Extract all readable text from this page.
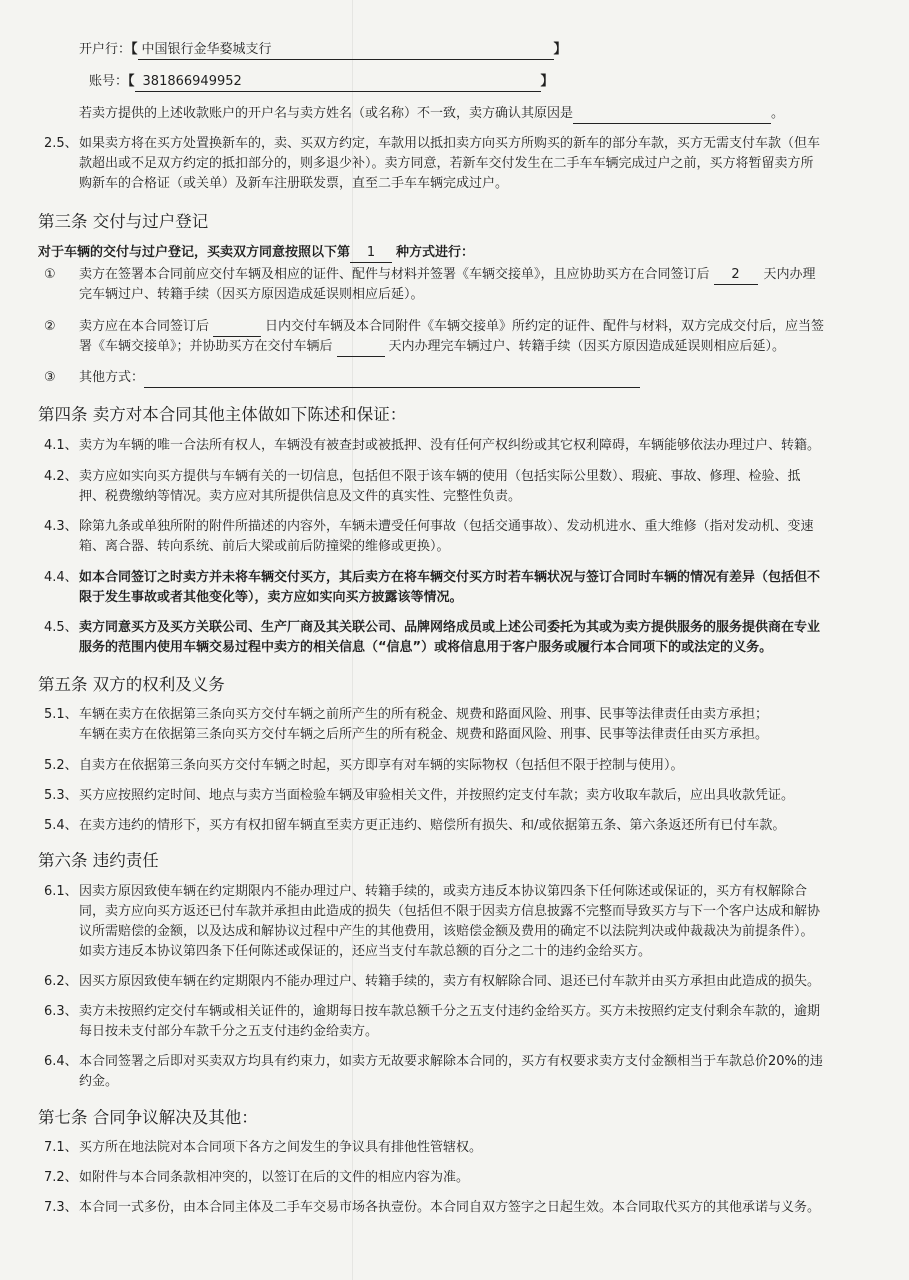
开户行：【 中国银行金华婺城支行	】
账号：【 381866949952	】
若卖方提供的上述收款账户的开户名与卖方姓名（或名称）不一致，卖方确认其原因是	。
2.5、 如果卖方将在买方处置换新车的，卖、买双方约定，车款用以抵扣卖方向买方所购买的新车的部分车款，买方无需支付车款（但车
款超出或不足双方约定的抵扣部分的，则多退少补）。卖方同意，若新车交付发生在二手车车辆完成过户之前，买方将暂留卖方所
购新车的合格证（或关单）及新车注册联发票，直至二手车车辆完成过户。
第三条 交付与过户登记
对于车辆的交付与过户登记，买卖双方同意按照以下第 1 种方式进行：
① 卖方在签署本合同前应交付车辆及相应的证件、配件与材料并签署《车辆交接单》，且应协助买方在合同签订后 2 天内办理
完车辆过户、转籍手续（因买方原因造成延误则相应后延）。
② 卖方应在本合同签订后	日内交付车辆及本合同附件《车辆交接单》所约定的证件、配件与材料，双方完成交付后，应当签
署《车辆交接单》；并协助买方在交付车辆后	天内办理完车辆过户、转籍手续（因买方原因造成延误则相应后延）。
③ 其他方式：
第四条 卖方对本合同其他主体做如下陈述和保证：
4.1、 卖方为车辆的唯一合法所有权人，车辆没有被查封或被抵押、没有任何产权纠纷或其它权利障碍，车辆能够依法办理过户、转籍。
4.2、 卖方应如实向买方提供与车辆有关的一切信息，包括但不限于该车辆的使用（包括实际公里数）、瑕疵、事故、修理、检验、抵
押、税费缴纳等情况。卖方应对其所提供信息及文件的真实性、完整性负责。
4.3、 除第九条或单独所附的附件所描述的内容外，车辆未遭受任何事故（包括交通事故）、发动机进水、重大维修（指对发动机、变速
箱、离合器、转向系统、前后大梁或前后防撞梁的维修或更换）。
4.4、 如本合同签订之时卖方并未将车辆交付买方，其后卖方在将车辆交付买方时若车辆状况与签订合同时车辆的情况有差异（包括但不
限于发生事故或者其他变化等），卖方应如实向买方披露该等情况。
4.5、 卖方同意买方及买方关联公司、生产厂商及其关联公司、品牌网络成员或上述公司委托为其或为卖方提供服务的服务提供商在专业
服务的范围内使用车辆交易过程中卖方的相关信息（“信息”）或将信息用于客户服务或履行本合同项下的或法定的义务。
第五条 双方的权利及义务
5.1、 车辆在卖方在依据第三条向买方交付车辆之前所产生的所有税金、规费和路面风险、刑事、民事等法律责任由卖方承担；
车辆在卖方在依据第三条向买方交付车辆之后所产生的所有税金、规费和路面风险、刑事、民事等法律责任由买方承担。
5.2、 自卖方在依据第三条向买方交付车辆之时起，买方即享有对车辆的实际物权（包括但不限于控制与使用）。
5.3、 买方应按照约定时间、地点与卖方当面检验车辆及审验相关文件，并按照约定支付车款；卖方收取车款后，应出具收款凭证。
5.4、 在卖方违约的情形下，买方有权扣留车辆直至卖方更正违约、赔偿所有损失、和/或依据第五条、第六条返还所有已付车款。
第六条 违约责任
6.1、 因卖方原因致使车辆在约定期限内不能办理过户、转籍手续的，或卖方违反本协议第四条下任何陈述或保证的，买方有权解除合
同，卖方应向买方返还已付车款并承担由此造成的损失（包括但不限于因卖方信息披露不完整而导致买方与下一个客户达成和解协
议所需赔偿的金额，以及达成和解协议过程中产生的其他费用，该赔偿金额及费用的确定不以法院判决或仲裁裁决为前提条件）。
如卖方违反本协议第四条下任何陈述或保证的，还应当支付车款总额的百分之二十的违约金给买方。
6.2、 因买方原因致使车辆在约定期限内不能办理过户、转籍手续的，卖方有权解除合同、退还已付车款并由买方承担由此造成的损失。
6.3、 卖方未按照约定交付车辆或相关证件的，逾期每日按车款总额千分之五支付违约金给买方。买方未按照约定支付剩余车款的，逾期
每日按未支付部分车款千分之五支付违约金给卖方。
6.4、 本合同签署之后即对买卖双方均具有约束力，如卖方无故要求解除本合同的，买方有权要求卖方支付金额相当于车款总价20%的违
约金。
第七条 合同争议解决及其他：
7.1、 买方所在地法院对本合同项下各方之间发生的争议具有排他性管辖权。
7.2、 如附件与本合同条款相冲突的，以签订在后的文件的相应内容为准。
7.3、 本合同一式多份，由本合同主体及二手车交易市场各执壹份。本合同自双方签字之日起生效。本合同取代买方的其他承诺与义务。
